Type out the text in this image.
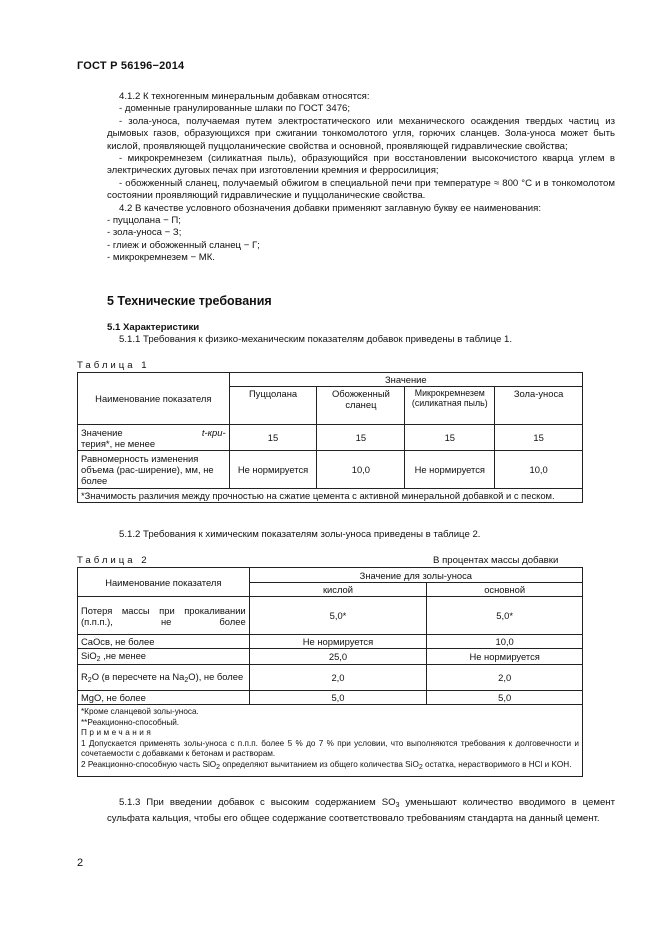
ГОСТ Р 56196−2014

4.1.2 К техногенным минеральным добавкам относятся:

- доменные гранулированные шлаки по ГОСТ 3476;

- зола-унoса, получаемая путем электростатического или механического осаждения твердых частиц из дымовых газов, образующихся при сжигании тонкомолотого угля, горючих сланцев. Зола-уноса может быть кислой, проявляющей пуццоланические свойства и основной, проявляющей гидравлические свойства;

- микрокремнезем (силикатная пыль), образующийся при восстановлении высокочистого кварца углем в электрических дуговых печах при изготовлении кремния и ферросилиция;

- обожженный сланец, получаемый обжигом в специальной печи при температуре ≈ 800 °С и в тонкомолотом состоянии проявляющий гидравлические и пуццоланические свойства.

4.2 В качестве условного обозначения добавки применяют заглавную букву ее наименования:

- пуццолана − П;

- зола-уноса − З;

- глиеж и обожженный сланец − Г;

- микрокремнезем − МК.

5 Технические требования
5.1 Характеристики
5.1.1 Требования к физико-механическим показателям добавок приведены в таблице 1.
Таблица 1
Наименование показателя	Значение			
	Пуццолана	Обожженный сланец	Микрокремнезем (силикатная пыль)	Зола-уноса

Значение t-кри-
терия*, не менее	15	15	15	15
Равномерность изменения объема (рас-ширение), мм, не более	Не нормируется	10,0	Не нормируется	10,0
*Значимость различия между прочностью на сжатие цемента с активной минеральной добавкой и с песком.				
5.1.2 Требования к химическим показателям золы-уноса приведены в таблице 2.
Таблица 2	В процентах массы добавки
Наименование показателя	Значение для золы-уноса	
	кислой	основной
Потеря массы при прокаливании (п.п.п.), не более	5,0*	5,0*
CaOсв, не более	Не нормируется	10,0
SiO$_2$ ,не менее	25,0	Не нормируется
$R_2O$ (в пересчете на $Na_2O$), не более	2,0	2,0
MgO, не более	5,0	5,0

*Кроме сланцевой золы-уноса.
**Реакционно-способный.
Примечания
1 Допускается применять золы-уноса с п.п.п. более 5 % до 7 % при условии, что выполняются требования к долговечности и сочетаемости с добавками к бетонам и растворам.
2 Реакционно-способную часть SiO$_2$ определяют вычитанием из общего количества SiO$_2$ остатка, нерастворимого в HCl и KOH.		
5.1.3 При введении добавок с высоким содержанием $SO_3$ уменьшают количество вводимого в цемент сульфата кальция, чтобы его общее содержание соответствовало требованиям стандарта на данный цемент.
2
